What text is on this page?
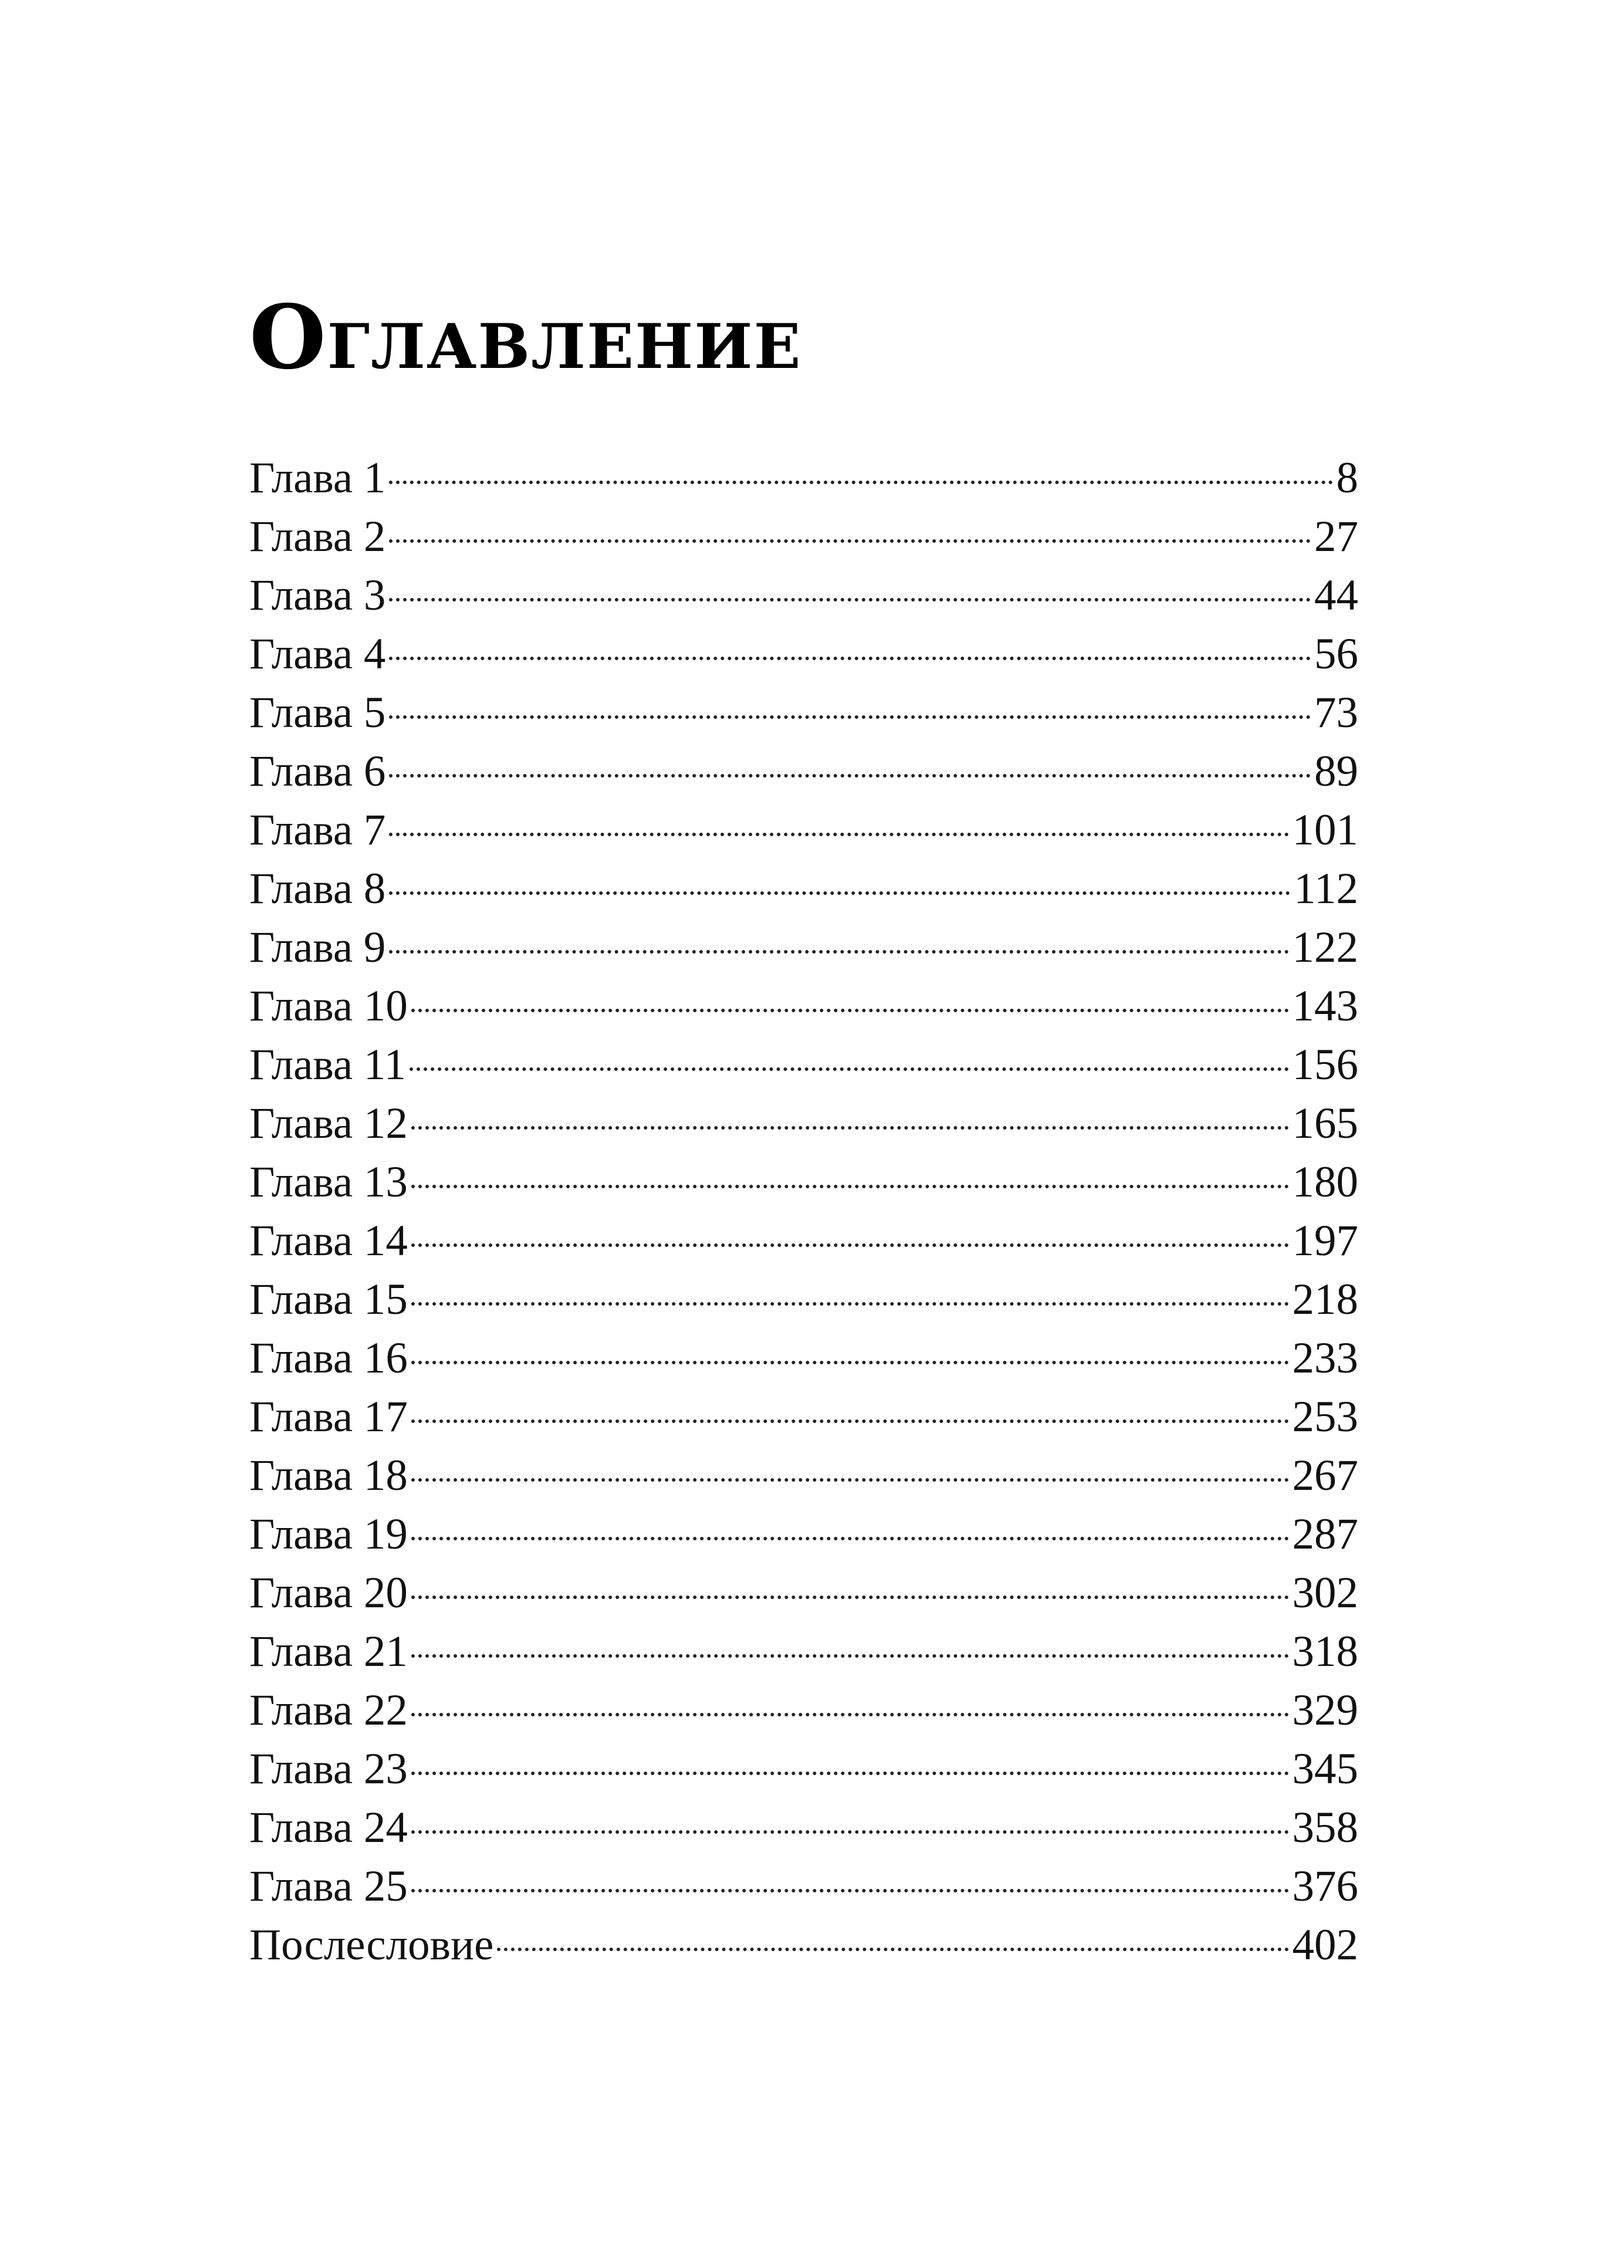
Оглавление
Глава 1	8
Глава 2	27
Глава 3	44
Глава 4	56
Глава 5	73
Глава 6	89
Глава 7	101
Глава 8	112
Глава 9	122
Глава 10	143
Глава 11	156
Глава 12	165
Глава 13	180
Глава 14	197
Глава 15	218
Глава 16	233
Глава 17	253
Глава 18	267
Глава 19	287
Глава 20	302
Глава 21	318
Глава 22	329
Глава 23	345
Глава 24	358
Глава 25	376
Послесловие	402
